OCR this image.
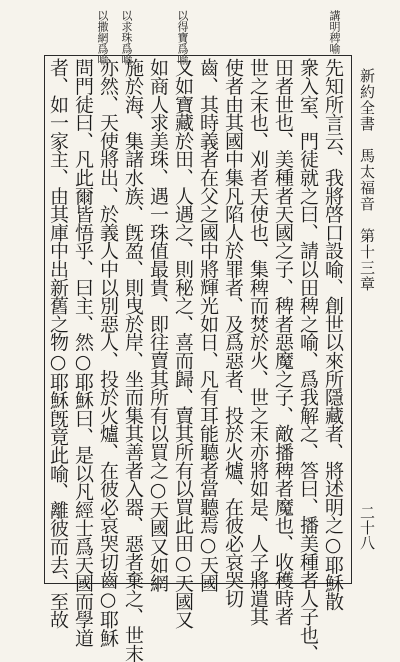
新約全書　馬太福音　第十三章
二十八
講明稗喻
以得寶爲喻
以求珠爲喻
以撒網爲喻
先知所言云、我將啓口設喻、創世以來所隱藏者、將述明之○耶穌散
衆入室、門徒就之曰、請以田稗之喻、爲我解之、答曰、播美種者人子也、
田者世也、美種者天國之子、稗者惡魔之子、敵播稗者魔也、收穫時者
世之末也、刈者天使也、集稗而焚於火、世之末亦將如是、人子將遣其
使者由其國中集凡陷人於罪者、及爲惡者、投於火爐、在彼必哀哭切
齒、其時義者在父之國中將輝光如日、凡有耳能聽者當聽焉○天國
又如寶藏於田、人遇之、則秘之、喜而歸、賣其所有以買此田○天國又
如商人求美珠、遇一珠值最貴、即往賣其所有以買之○天國又如網
施於海、集諸水族、旣盈、則曳於岸、坐而集其善者入器、惡者棄之、世末
亦然、天使將出、於義人中以別惡人、投於火爐、在彼必哀哭切齒○耶穌
問門徒曰、凡此爾皆悟乎、曰主、然○耶穌曰、是以凡經士爲天國而學道
者、如一家主、由其庫中出新舊之物○耶穌旣竟此喻、離彼而去、至故
